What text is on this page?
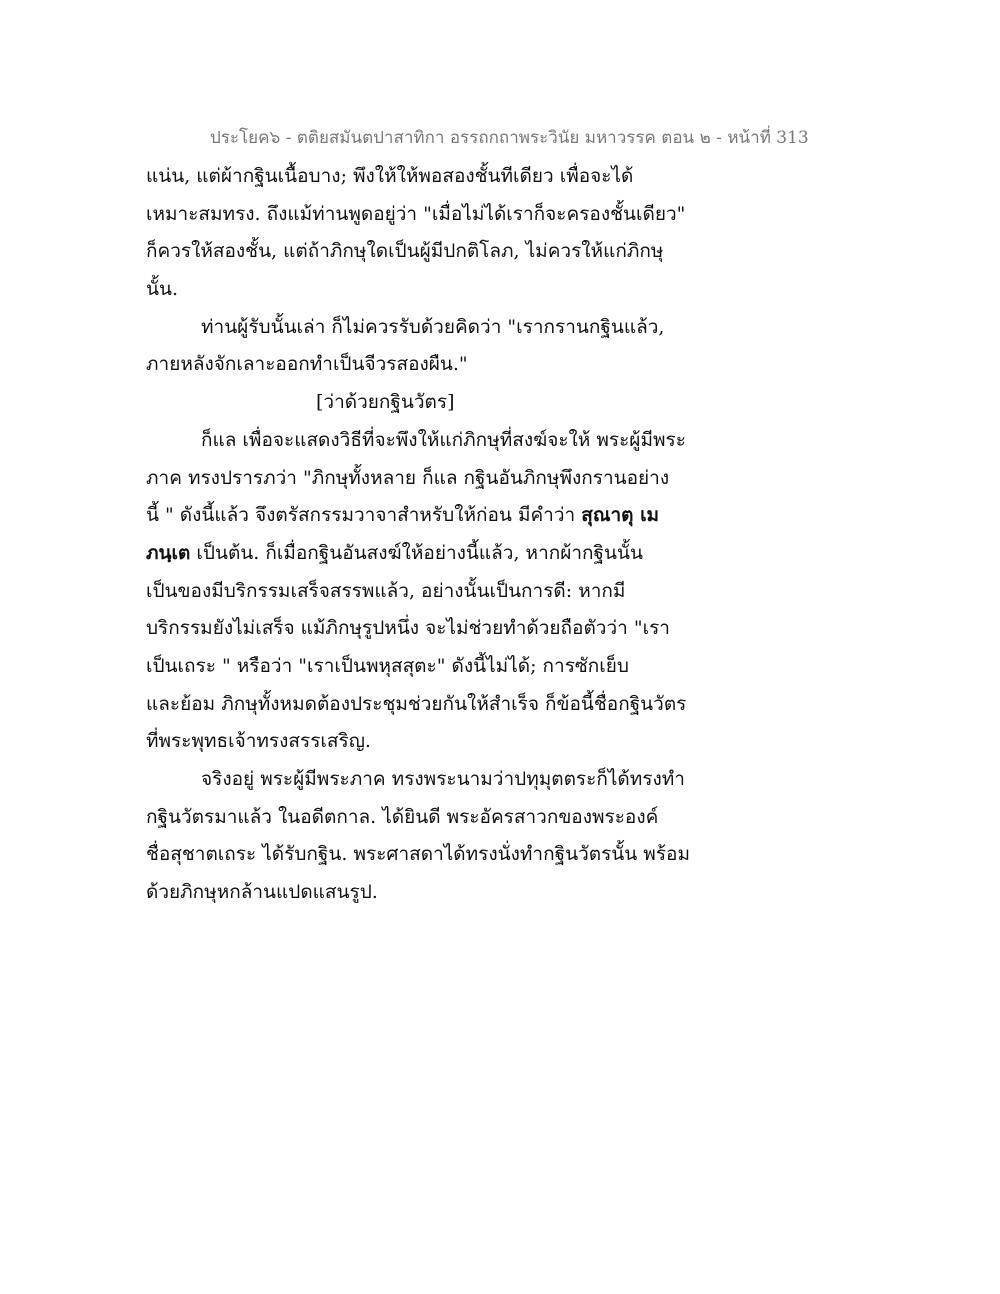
ประโยค๖ - ตติยสมันตปาสาทิกา อรรถกถาพระวินัย มหาวรรค ตอน ๒ - หน้าที่ 313
แน่น, แต่ผ้ากฐินเนื้อบาง; พึงให้ให้พอสองชั้นทีเดียว เพื่อจะได้
เหมาะสมทรง. ถึงแม้ท่านพูดอยู่ว่า "เมื่อไม่ได้เราก็จะครองชั้นเดียว"
ก็ควรให้สองชั้น, แต่ถ้าภิกษุใดเป็นผู้มีปกติโลภ, ไม่ควรให้แก่ภิกษุ
นั้น.
ท่านผู้รับนั้นเล่า ก็ไม่ควรรับด้วยคิดว่า "เรากรานกฐินแล้ว,
ภายหลังจักเลาะออกทำเป็นจีวรสองผืน."
[ว่าด้วยกฐินวัตร]
ก็แล เพื่อจะแสดงวิธีที่จะพึงให้แก่ภิกษุที่สงฆ์จะให้ พระผู้มีพระ
ภาค ทรงปรารภว่า "ภิกษุทั้งหลาย ก็แล กฐินอันภิกษุพึงกรานอย่าง
นี้ " ดังนี้แล้ว จึงตรัสกรรมวาจาสำหรับให้ก่อน มีคำว่า สุณาตุ เม
ภนฺเต เป็นต้น. ก็เมื่อกฐินอันสงฆ์ให้อย่างนี้แล้ว, หากผ้ากฐินนั้น
เป็นของมีบริกรรมเสร็จสรรพแล้ว, อย่างนั้นเป็นการดี: หากมี
บริกรรมยังไม่เสร็จ แม้ภิกษุรูปหนึ่ง จะไม่ช่วยทำด้วยถือตัวว่า "เรา
เป็นเถระ " หรือว่า "เราเป็นพหุสสุตะ" ดังนี้ไม่ได้; การซักเย็บ
และย้อม ภิกษุทั้งหมดต้องประชุมช่วยกันให้สำเร็จ ก็ข้อนี้ชื่อกฐินวัตร
ที่พระพุทธเจ้าทรงสรรเสริญ.
จริงอยู่ พระผู้มีพระภาค ทรงพระนามว่าปทุมุตตระก็ได้ทรงทำ
กฐินวัตรมาแล้ว ในอดีตกาล. ได้ยินดี พระอัครสาวกของพระองค์
ชื่อสุชาตเถระ ได้รับกฐิน. พระศาสดาได้ทรงนั่งทำกฐินวัตรนั้น พร้อม
ด้วยภิกษุหกล้านแปดแสนรูป.
